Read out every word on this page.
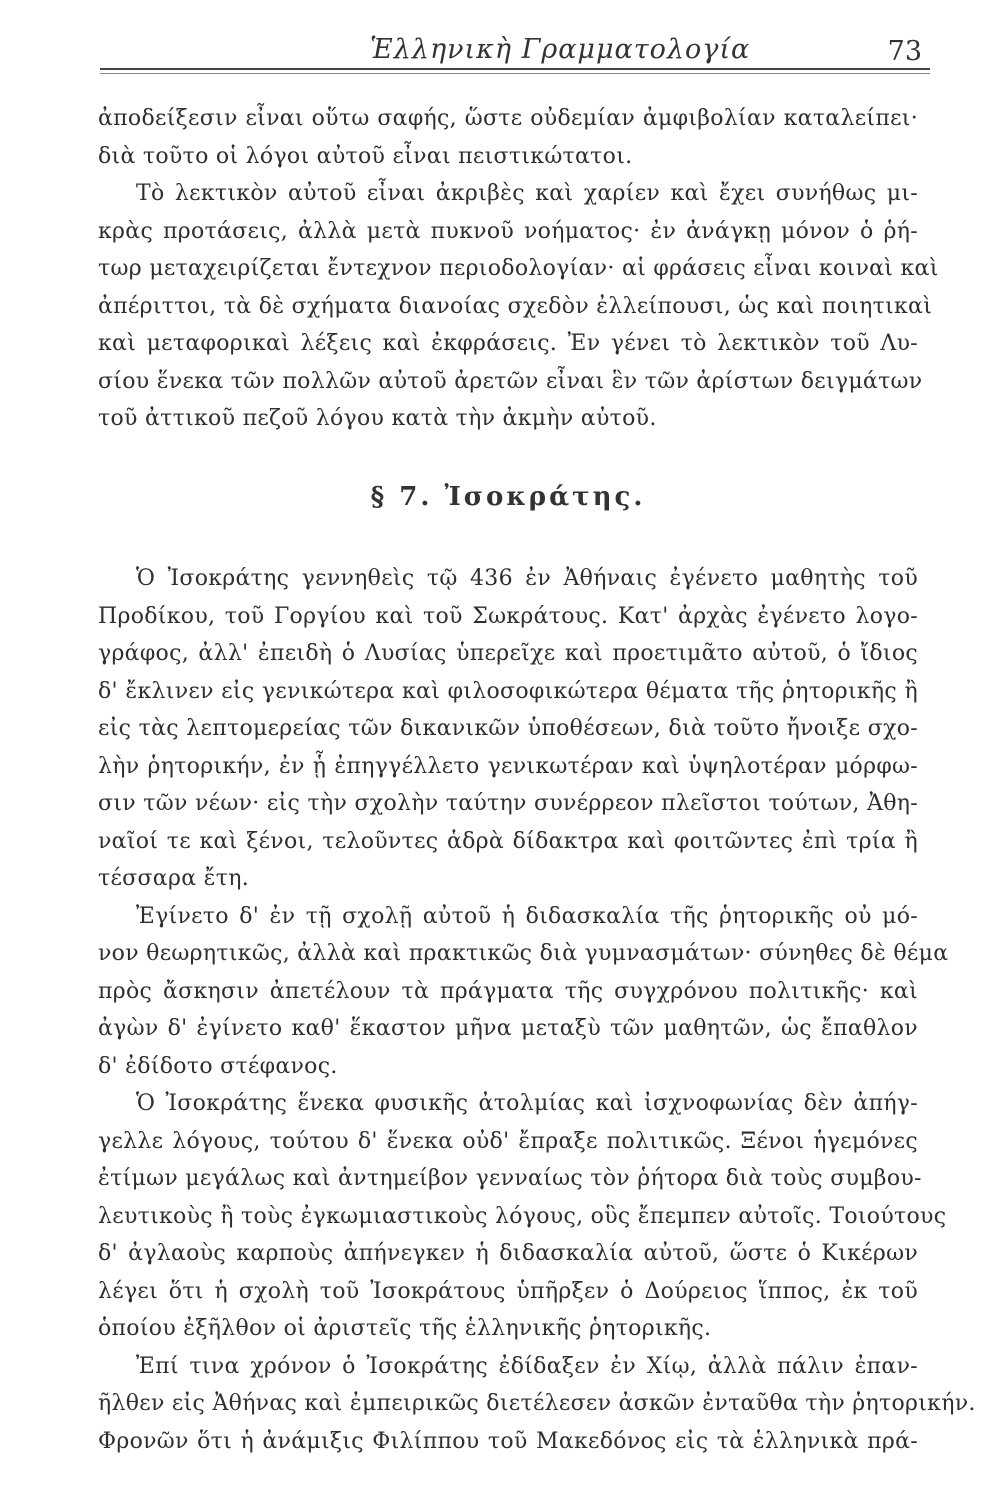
Ἑλληνικὴ Γραμματολογία	73
ἀποδείξεσιν εἶναι οὕτω σαφής, ὥστε οὐδεμίαν ἀμφιβολίαν καταλείπει·
διὰ τοῦτο οἱ λόγοι αὐτοῦ εἶναι πειστικώτατοι.
Τὸ λεκτικὸν αὐτοῦ εἶναι ἀκριβὲς καὶ χαρίεν καὶ ἔχει συνήθως μι-
κρὰς προτάσεις, ἀλλὰ μετὰ πυκνοῦ νοήματος· ἐν ἀνάγκῃ μόνον ὁ ῥή-
τωρ μεταχειρίζεται ἔντεχνον περιοδολογίαν· αἱ φράσεις εἶναι κοιναὶ καὶ
ἀπέριττοι, τὰ δὲ σχήματα διανοίας σχεδὸν ἐλλείπουσι, ὡς καὶ ποιητικαὶ
καὶ μεταφορικαὶ λέξεις καὶ ἐκφράσεις. Ἐν γένει τὸ λεκτικὸν τοῦ Λυ-
σίου ἕνεκα τῶν πολλῶν αὐτοῦ ἀρετῶν εἶναι ἓν τῶν ἀρίστων δειγμάτων
τοῦ ἀττικοῦ πεζοῦ λόγου κατὰ τὴν ἀκμὴν αὐτοῦ.
§ 7. Ἰσοκράτης.
Ὁ Ἰσοκράτης γεννηθεὶς τῷ 436 ἐν Ἀθήναις ἐγένετο μαθητὴς τοῦ
Προδίκου, τοῦ Γοργίου καὶ τοῦ Σωκράτους. Κατ' ἀρχὰς ἐγένετο λογο-
γράφος, ἀλλ' ἐπειδὴ ὁ Λυσίας ὑπερεῖχε καὶ προετιμᾶτο αὐτοῦ, ὁ ἴδιος
δ' ἔκλινεν εἰς γενικώτερα καὶ φιλοσοφικώτερα θέματα τῆς ῥητορικῆς ἢ
εἰς τὰς λεπτομερείας τῶν δικανικῶν ὑποθέσεων, διὰ τοῦτο ἤνοιξε σχο-
λὴν ῥητορικήν, ἐν ᾗ ἐπηγγέλλετο γενικωτέραν καὶ ὑψηλοτέραν μόρφω-
σιν τῶν νέων· εἰς τὴν σχολὴν ταύτην συνέρρεον πλεῖστοι τούτων, Ἀθη-
ναῖοί τε καὶ ξένοι, τελοῦντες ἁδρὰ δίδακτρα καὶ φοιτῶντες ἐπὶ τρία ἢ
τέσσαρα ἔτη.
Ἐγίνετο δ' ἐν τῇ σχολῇ αὐτοῦ ἡ διδασκαλία τῆς ῥητορικῆς οὐ μό-
νον θεωρητικῶς, ἀλλὰ καὶ πρακτικῶς διὰ γυμνασμάτων· σύνηθες δὲ θέμα
πρὸς ἄσκησιν ἀπετέλουν τὰ πράγματα τῆς συγχρόνου πολιτικῆς· καὶ
ἀγὼν δ' ἐγίνετο καθ' ἕκαστον μῆνα μεταξὺ τῶν μαθητῶν, ὡς ἔπαθλον
δ' ἐδίδοτο στέφανος.
Ὁ Ἰσοκράτης ἕνεκα φυσικῆς ἀτολμίας καὶ ἰσχνοφωνίας δὲν ἀπήγ-
γελλε λόγους, τούτου δ' ἕνεκα οὐδ' ἔπραξε πολιτικῶς. Ξένοι ἡγεμόνες
ἐτίμων μεγάλως καὶ ἀντημείβον γενναίως τὸν ῥήτορα διὰ τοὺς συμβου-
λευτικοὺς ἢ τοὺς ἐγκωμιαστικοὺς λόγους, οὓς ἔπεμπεν αὐτοῖς. Τοιούτους
δ' ἀγλαοὺς καρποὺς ἀπήνεγκεν ἡ διδασκαλία αὐτοῦ, ὥστε ὁ Κικέρων
λέγει ὅτι ἡ σχολὴ τοῦ Ἰσοκράτους ὑπῆρξεν ὁ Δούρειος ἵππος, ἐκ τοῦ
ὁποίου ἐξῆλθον οἱ ἀριστεῖς τῆς ἑλληνικῆς ῥητορικῆς.
Ἐπί τινα χρόνον ὁ Ἰσοκράτης ἐδίδαξεν ἐν Χίῳ, ἀλλὰ πάλιν ἐπαν-
ῆλθεν εἰς Ἀθήνας καὶ ἐμπειρικῶς διετέλεσεν ἀσκῶν ἐνταῦθα τὴν ῥητορικήν.
Φρονῶν ὅτι ἡ ἀνάμιξις Φιλίππου τοῦ Μακεδόνος εἰς τὰ ἑλληνικὰ πρά-
